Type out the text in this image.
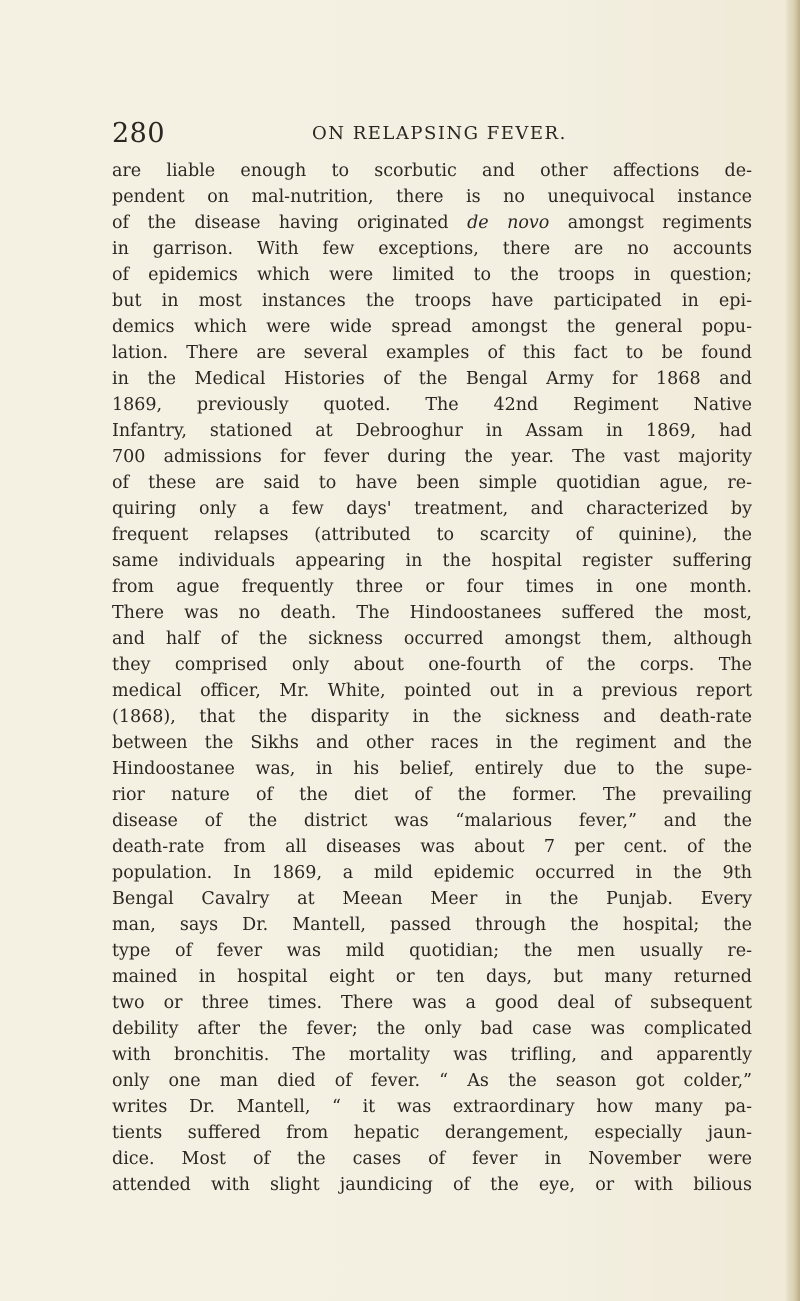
280	ON RELAPSING FEVER.
are liable enough to scorbutic and other affections de-
pendent on mal-nutrition, there is no unequivocal instance
of the disease having originated de novo amongst regiments
in garrison. With few exceptions, there are no accounts
of epidemics which were limited to the troops in question;
but in most instances the troops have participated in epi-
demics which were wide spread amongst the general popu-
lation. There are several examples of this fact to be found
in the Medical Histories of the Bengal Army for 1868 and
1869, previously quoted. The 42nd Regiment Native
Infantry, stationed at Debrooghur in Assam in 1869, had
700 admissions for fever during the year. The vast majority
of these are said to have been simple quotidian ague, re-
quiring only a few days' treatment, and characterized by
frequent relapses (attributed to scarcity of quinine), the
same individuals appearing in the hospital register suffering
from ague frequently three or four times in one month.
There was no death. The Hindoostanees suffered the most,
and half of the sickness occurred amongst them, although
they comprised only about one-fourth of the corps. The
medical officer, Mr. White, pointed out in a previous report
(1868), that the disparity in the sickness and death-rate
between the Sikhs and other races in the regiment and the
Hindoostanee was, in his belief, entirely due to the supe-
rior nature of the diet of the former. The prevailing
disease of the district was “malarious fever,” and the
death-rate from all diseases was about 7 per cent. of the
population. In 1869, a mild epidemic occurred in the 9th
Bengal Cavalry at Meean Meer in the Punjab. Every
man, says Dr. Mantell, passed through the hospital; the
type of fever was mild quotidian; the men usually re-
mained in hospital eight or ten days, but many returned
two or three times. There was a good deal of subsequent
debility after the fever; the only bad case was complicated
with bronchitis. The mortality was trifling, and apparently
only one man died of fever. “ As the season got colder,”
writes Dr. Mantell, “ it was extraordinary how many pa-
tients suffered from hepatic derangement, especially jaun-
dice. Most of the cases of fever in November were
attended with slight jaundicing of the eye, or with bilious
